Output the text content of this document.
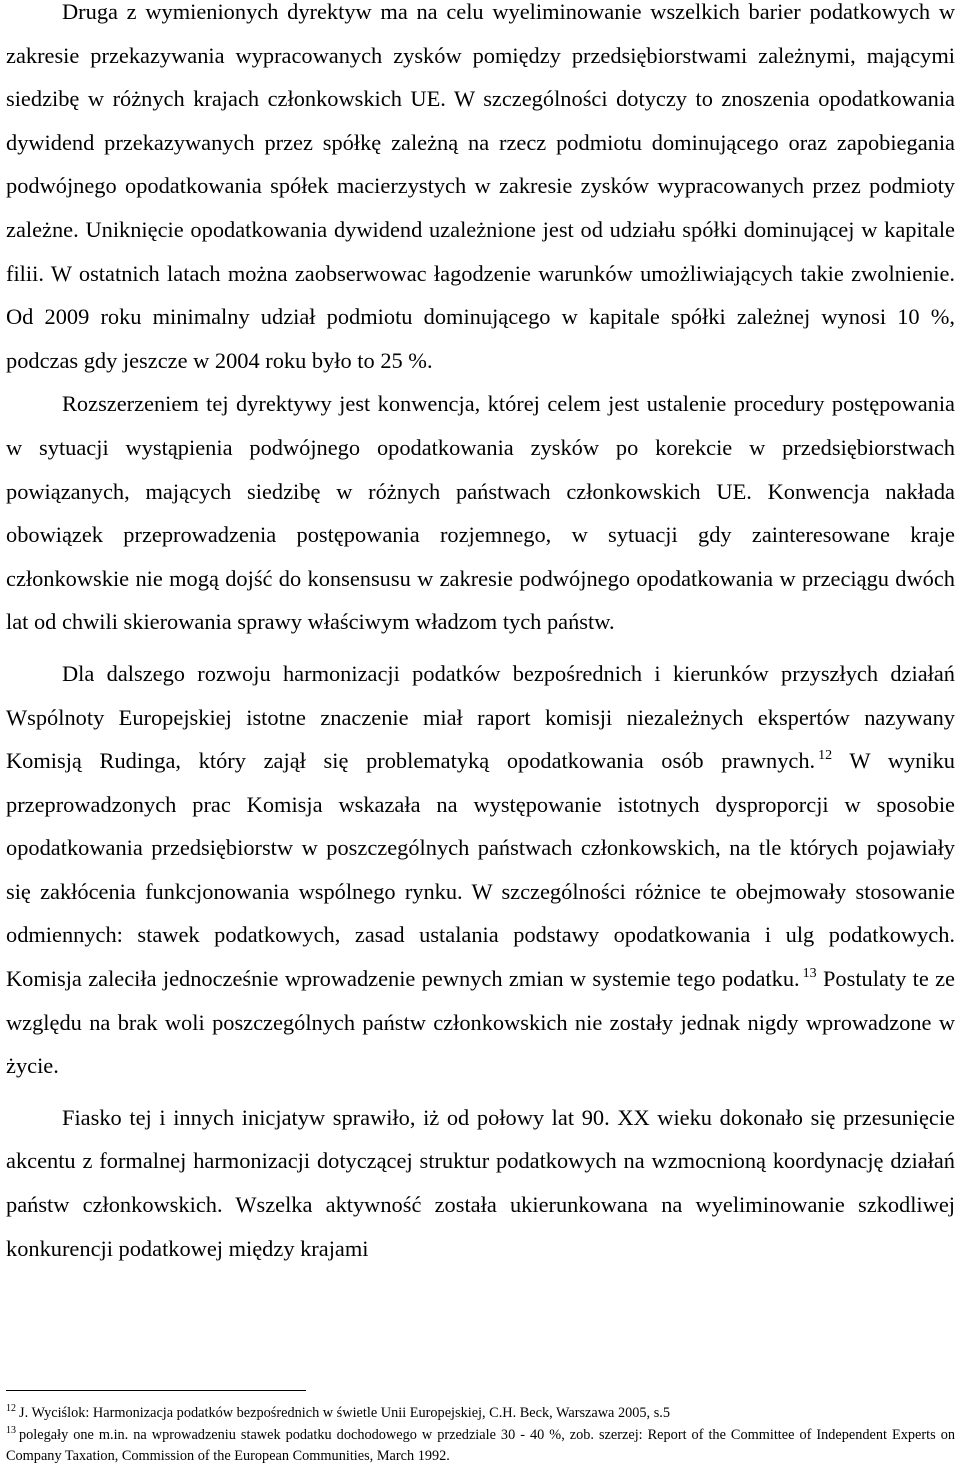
Druga z wymienionych dyrektyw ma na celu wyeliminowanie wszelkich barier podatkowych w zakresie przekazywania wypracowanych zysków pomiędzy przedsiębiorstwami zależnymi, mającymi siedzibę w różnych krajach członkowskich UE. W szczególności dotyczy to znoszenia opodatkowania dywidend przekazywanych przez spółkę zależną na rzecz podmiotu dominującego oraz zapobiegania podwójnego opodatkowania spółek macierzystych w zakresie zysków wypracowanych przez podmioty zależne. Uniknięcie opodatkowania dywidend uzależnione jest od udziału spółki dominującej w kapitale filii. W ostatnich latach można zaobserwowac łagodzenie warunków umożliwiających takie zwolnienie. Od 2009 roku minimalny udział podmiotu dominującego w kapitale spółki zależnej wynosi 10 %, podczas gdy jeszcze w 2004 roku było to 25 %.

Rozszerzeniem tej dyrektywy jest konwencja, której celem jest ustalenie procedury postępowania w sytuacji wystąpienia podwójnego opodatkowania zysków po korekcie w przedsiębiorstwach powiązanych, mających siedzibę w różnych państwach członkowskich UE. Konwencja nakłada obowiązek przeprowadzenia postępowania rozjemnego, w sytuacji gdy zainteresowane kraje członkowskie nie mogą dojść do konsensusu w zakresie podwójnego opodatkowania w przeciągu dwóch lat od chwili skierowania sprawy właściwym władzom tych państw.

Dla dalszego rozwoju harmonizacji podatków bezpośrednich i kierunków przyszłych działań Wspólnoty Europejskiej istotne znaczenie miał raport komisji niezależnych ekspertów nazywany Komisją Rudinga, który zajął się problematyką opodatkowania osób prawnych. $^{12}$ W wyniku przeprowadzonych prac Komisja wskazała na występowanie istotnych dysproporcji w sposobie opodatkowania przedsiębiorstw w poszczególnych państwach członkowskich, na tle których pojawiały się zakłócenia funkcjonowania wspólnego rynku. W szczególności różnice te obejmowały stosowanie odmiennych: stawek podatkowych, zasad ustalania podstawy opodatkowania i ulg podatkowych. Komisja zaleciła jednocześnie wprowadzenie pewnych zmian w systemie tego podatku. $^{13}$ Postulaty te ze względu na brak woli poszczególnych państw członkowskich nie zostały jednak nigdy wprowadzone w życie.

Fiasko tej i innych inicjatyw sprawiło, iż od połowy lat 90. XX wieku dokonało się przesunięcie akcentu z formalnej harmonizacji dotyczącej struktur podatkowych na wzmocnioną koordynację działań państw członkowskich. Wszelka aktywność została ukierunkowana na wyeliminowanie szkodliwej konkurencji podatkowej między krajami

$^{12}$ J. Wyciślok: Harmonizacja podatków bezpośrednich w świetle Unii Europejskiej, C.H. Beck, Warszawa 2005, s.5

$^{13}$ polegały one m.in. na wprowadzeniu stawek podatku dochodowego w przedziale 30 - 40 %, zob. szerzej: Report of the Committee of Independent Experts on Company Taxation, Commission of the European Communities, March 1992.
